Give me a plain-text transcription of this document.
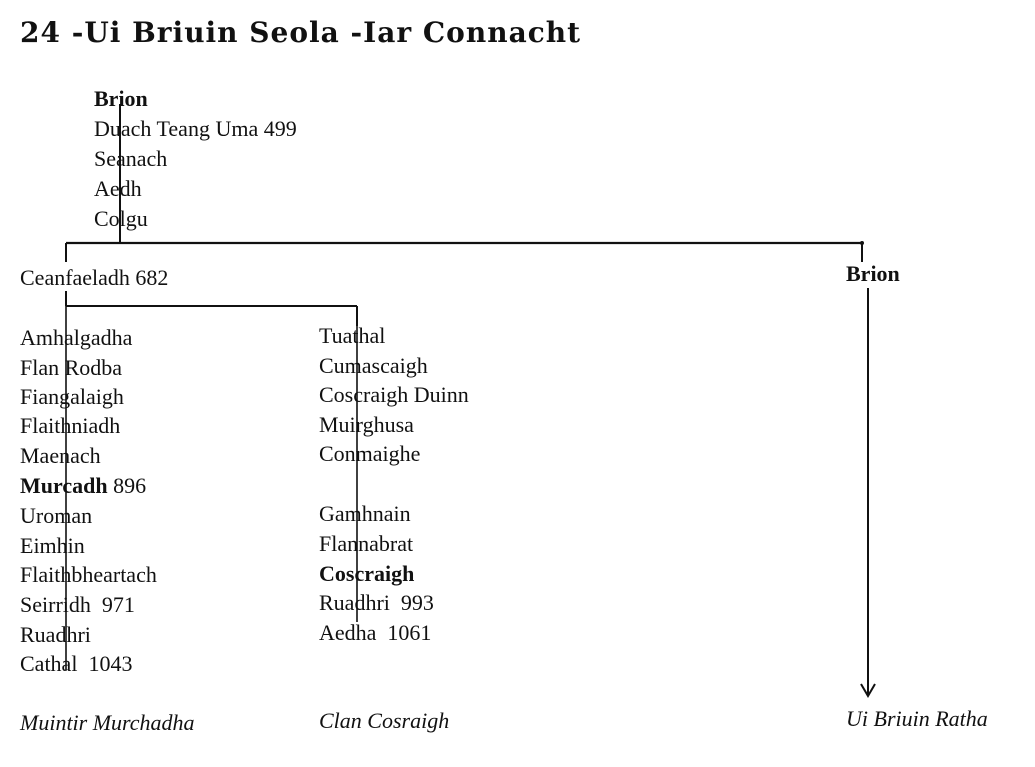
24 -Ui Briuin Seola -Iar Connacht
Brion
Duach Teang Uma 499
Seanach
Aedh
Colgu
Ceanfaeladh 682	Brion
Amhalgadha
Flan Rodba
Fiangalaigh
Flaithniadh
Maenach
Murcadh 896
Uroman
Eimhin
Flaithbheartach
Seirridh  971
Ruadhri
Cathal  1043
Tuathal
Cumascaigh
Coscraigh Duinn
Muirghusa
Conmaighe
Gamhnain
Flannabrat
Coscraigh
Ruadhri  993
Aedha  1061
Muintir Murchadha	Clan Cosraigh	Ui Briuin Ratha
